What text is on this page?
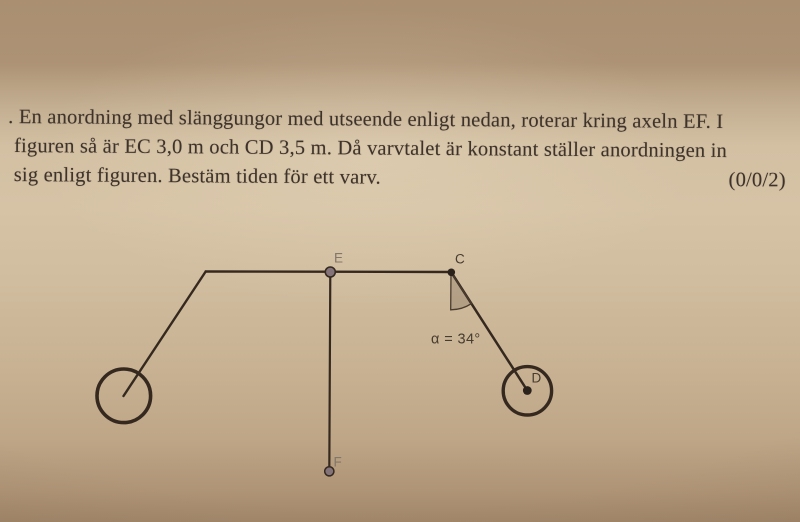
. En anordning med slänggungor med utseende enligt nedan, roterar kring axeln EF. I
figuren så är EC 3,0 m och CD 3,5 m. Då varvtalet är konstant ställer anordningen in
sig enligt figuren. Bestäm tiden för ett varv.	(0/0/2)
E	C
D
F
α = 34°
